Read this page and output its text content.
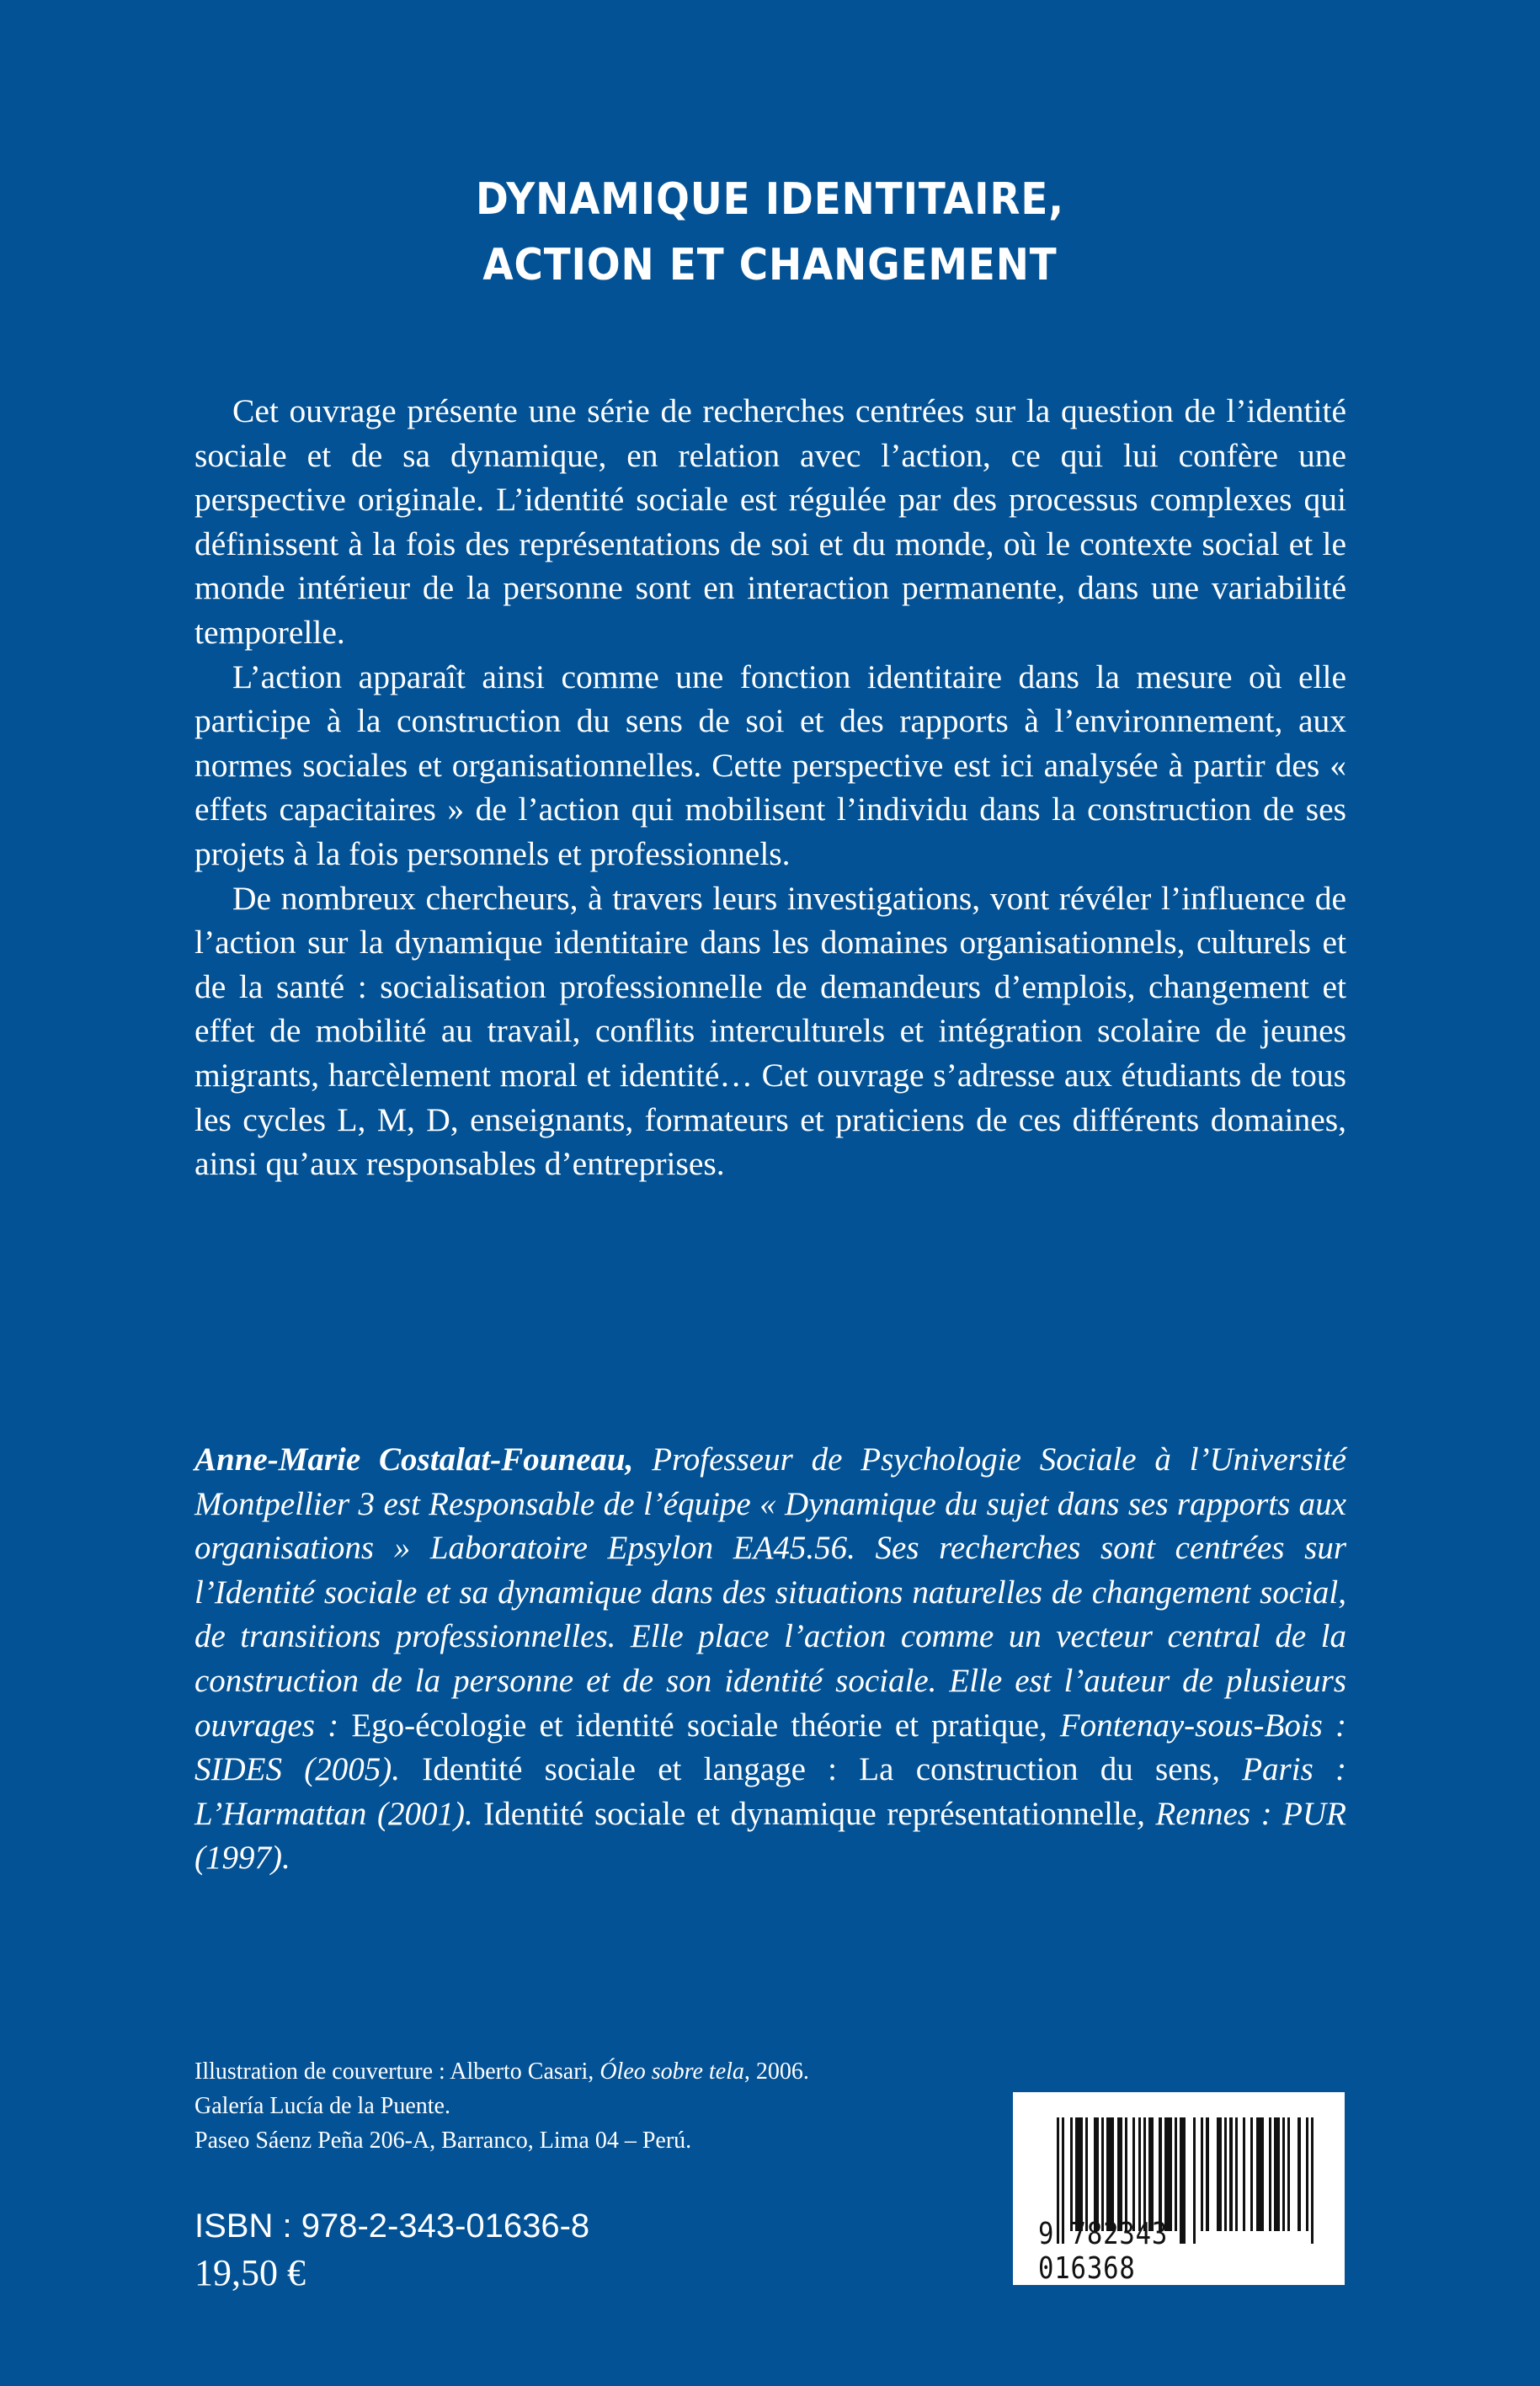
DYNAMIQUE IDENTITAIRE,
ACTION ET CHANGEMENT

Cet ouvrage présente une série de recherches centrées sur la question de l’identité sociale et de sa dynamique, en relation avec l’action, ce qui lui confère une perspective originale. L’identité sociale est régulée par des processus complexes qui définissent à la fois des représentations de soi et du monde, où le contexte social et le monde intérieur de la personne sont en interaction permanente, dans une variabilité temporelle.

L’action apparaît ainsi comme une fonction identitaire dans la mesure où elle participe à la construction du sens de soi et des rapports à l’environnement, aux normes sociales et organisationnelles. Cette perspective est ici analysée à partir des « effets capacitaires » de l’action qui mobilisent l’individu dans la construction de ses projets à la fois personnels et professionnels.

De nombreux chercheurs, à travers leurs investigations, vont révéler l’influence de l’action sur la dynamique identitaire dans les domaines organisationnels, culturels et de la santé : socialisation professionnelle de demandeurs d’emplois, changement et effet de mobilité au travail, conflits interculturels et intégration scolaire de jeunes migrants, harcèlement moral et identité… Cet ouvrage s’adresse aux étudiants de tous les cycles L, M, D, enseignants, formateurs et praticiens de ces différents domaines, ainsi qu’aux responsables d’entreprises.

Anne-Marie Costalat-Founeau, Professeur de Psychologie Sociale à l’Université Montpellier 3 est Responsable de l’équipe « Dynamique du sujet dans ses rapports aux organisations » Laboratoire Epsylon EA45.56. Ses recherches sont centrées sur l’Identité sociale et sa dynamique dans des situations naturelles de changement social, de transitions professionnelles. Elle place l’action comme un vecteur central de la construction de la personne et de son identité sociale. Elle est l’auteur de plusieurs ouvrages : Ego-écologie et identité sociale théorie et pratique, Fontenay-sous-Bois : SIDES (2005). Identité sociale et langage : La construction du sens, Paris : L’Harmattan (2001). Identité sociale et dynamique représentationnelle, Rennes : PUR (1997).
Illustration de couverture : Alberto Casari, Óleo sobre tela, 2006.
Galería Lucía de la Puente.
Paseo Sáenz Peña 206-A, Barranco, Lima 04 – Perú.
ISBN : 978-2-343-01636-8
19,50 €
9 782343 016368
